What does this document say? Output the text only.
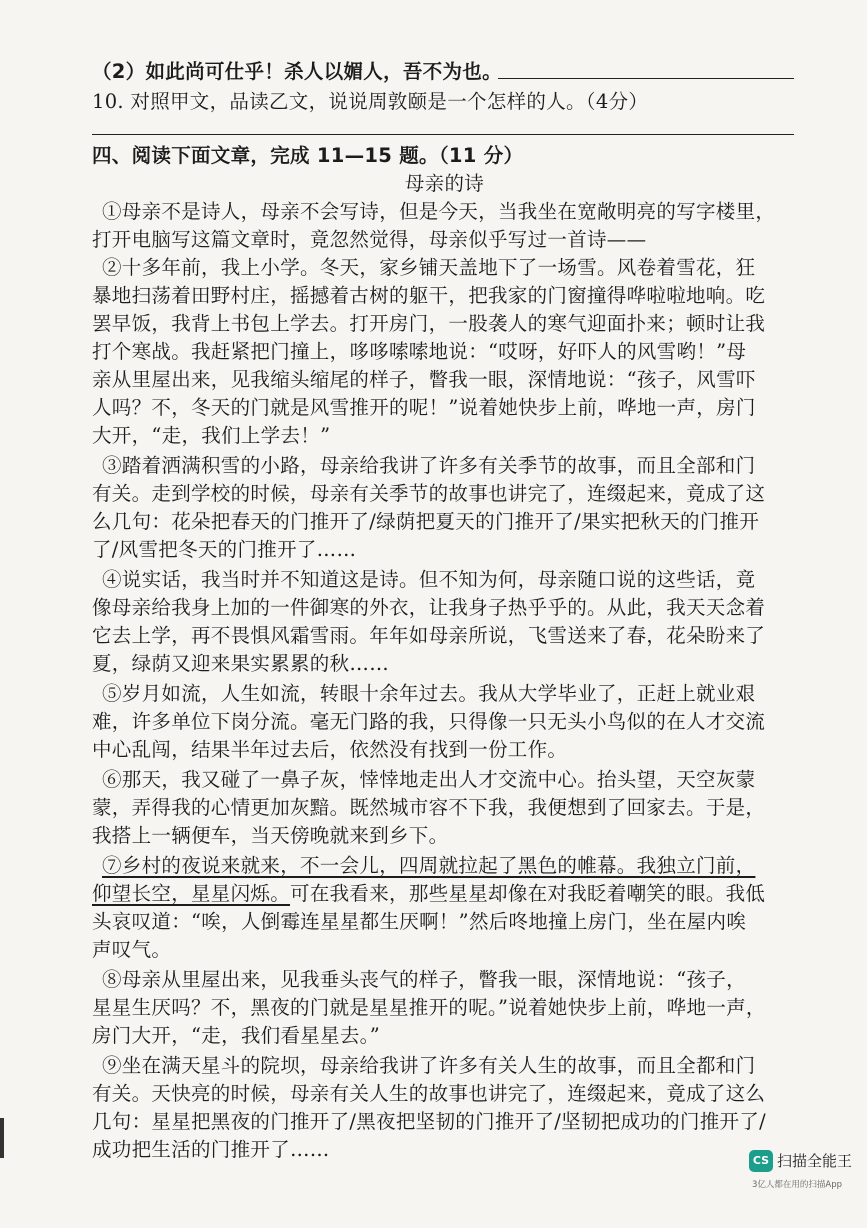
（2）如此尚可仕乎！杀人以媚人，吾不为也。
10. 对照甲文，品读乙文，说说周敦颐是一个怎样的人。（4分）
四、阅读下面文章，完成 11—15 题。（11 分）
母亲的诗
①母亲不是诗人，母亲不会写诗，但是今天，当我坐在宽敞明亮的写字楼里，
打开电脑写这篇文章时，竟忽然觉得，母亲似乎写过一首诗——
②十多年前，我上小学。冬天，家乡铺天盖地下了一场雪。风卷着雪花，狂
暴地扫荡着田野村庄，摇撼着古树的躯干，把我家的门窗撞得哗啦啦地响。吃
罢早饭，我背上书包上学去。打开房门，一股袭人的寒气迎面扑来；顿时让我
打个寒战。我赶紧把门撞上，哆哆嗦嗦地说：“哎呀，好吓人的风雪哟！”母
亲从里屋出来，见我缩头缩尾的样子，瞥我一眼，深情地说：“孩子，风雪吓
人吗？不，冬天的门就是风雪推开的呢！”说着她快步上前，哗地一声，房门
大开，“走，我们上学去！”
③踏着洒满积雪的小路，母亲给我讲了许多有关季节的故事，而且全部和门
有关。走到学校的时候，母亲有关季节的故事也讲完了，连缀起来，竟成了这
么几句：花朵把春天的门推开了/绿荫把夏天的门推开了/果实把秋天的门推开
了/风雪把冬天的门推开了……
④说实话，我当时并不知道这是诗。但不知为何，母亲随口说的这些话，竟
像母亲给我身上加的一件御寒的外衣，让我身子热乎乎的。从此，我天天念着
它去上学，再不畏惧风霜雪雨。年年如母亲所说，飞雪送来了春，花朵盼来了
夏，绿荫又迎来果实累累的秋……
⑤岁月如流，人生如流，转眼十余年过去。我从大学毕业了，正赶上就业艰
难，许多单位下岗分流。毫无门路的我，只得像一只无头小鸟似的在人才交流
中心乱闯，结果半年过去后，依然没有找到一份工作。
⑥那天，我又碰了一鼻子灰，悻悻地走出人才交流中心。抬头望，天空灰蒙
蒙，弄得我的心情更加灰黯。既然城市容不下我，我便想到了回家去。于是，
我搭上一辆便车，当天傍晚就来到乡下。
⑦乡村的夜说来就来，不一会儿，四周就拉起了黑色的帷幕。我独立门前，
仰望长空，星星闪烁。可在我看来，那些星星却像在对我眨着嘲笑的眼。我低
头哀叹道：“唉，人倒霉连星星都生厌啊！”然后咚地撞上房门，坐在屋内唉
声叹气。
⑧母亲从里屋出来，见我垂头丧气的样子，瞥我一眼，深情地说：“孩子，
星星生厌吗？不，黑夜的门就是星星推开的呢。”说着她快步上前，哗地一声，
房门大开，“走，我们看星星去。”
⑨坐在满天星斗的院坝，母亲给我讲了许多有关人生的故事，而且全都和门
有关。天快亮的时候，母亲有关人生的故事也讲完了，连缀起来，竟成了这么
几句：星星把黑夜的门推开了/黑夜把坚韧的门推开了/坚韧把成功的门推开了/
成功把生活的门推开了……	CS 扫描全能王
3亿人都在用的扫描App
